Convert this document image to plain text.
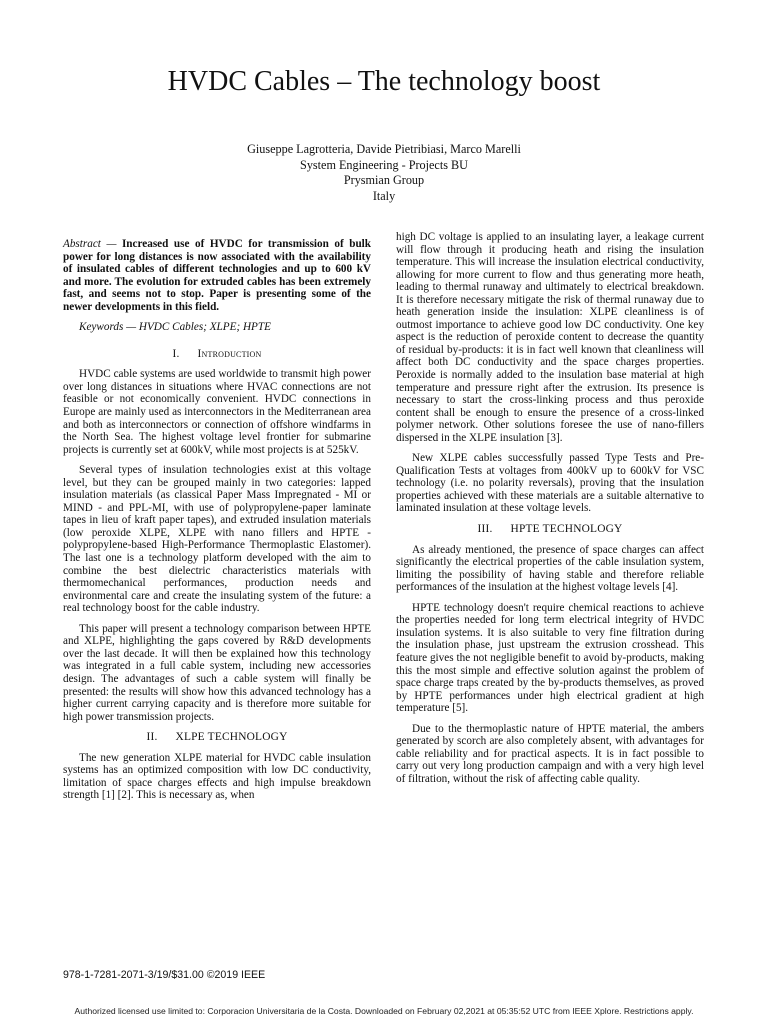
HVDC Cables – The technology boost
Giuseppe Lagrotteria, Davide Pietribiasi, Marco Marelli
System Engineering - Projects BU
Prysmian Group
Italy

Abstract — Increased use of HVDC for transmission of bulk power for long distances is now associated with the availability of insulated cables of different technologies and up to 600 kV and more. The evolution for extruded cables has been extremely fast, and seems not to stop. Paper is presenting some of the newer developments in this field.

Keywords — HVDC Cables; XLPE; HPTE

I. Introduction

HVDC cable systems are used worldwide to transmit high power over long distances in situations where HVAC connections are not feasible or not economically convenient. HVDC connections in Europe are mainly used as interconnectors in the Mediterranean area and both as interconnectors or connection of offshore windfarms in the North Sea. The highest voltage level frontier for submarine projects is currently set at 600kV, while most projects is at 525kV.

Several types of insulation technologies exist at this voltage level, but they can be grouped mainly in two categories: lapped insulation materials (as classical Paper Mass Impregnated - MI or MIND - and PPL-MI, with use of polypropylene-paper laminate tapes in lieu of kraft paper tapes), and extruded insulation materials (low peroxide XLPE, XLPE with nano fillers and HPTE - polypropylene-based High-Performance Thermoplastic Elastomer). The last one is a technology platform developed with the aim to combine the best dielectric characteristics materials with thermomechanical performances, production needs and environmental care and create the insulating system of the future: a real technology boost for the cable industry.

This paper will present a technology comparison between HPTE and XLPE, highlighting the gaps covered by R&D developments over the last decade. It will then be explained how this technology was integrated in a full cable system, including new accessories design. The advantages of such a cable system will finally be presented: the results will show how this advanced technology has a higher current carrying capacity and is therefore more suitable for high power transmission projects.

II. XLPE TECHNOLOGY

The new generation XLPE material for HVDC cable insulation systems has an optimized composition with low DC conductivity, limitation of space charges effects and high impulse breakdown strength [1] [2]. This is necessary as, when

high DC voltage is applied to an insulating layer, a leakage current will flow through it producing heath and rising the insulation temperature. This will increase the insulation electrical conductivity, allowing for more current to flow and thus generating more heath, leading to thermal runaway and ultimately to electrical breakdown. It is therefore necessary mitigate the risk of thermal runaway due to heath generation inside the insulation: XLPE cleanliness is of outmost importance to achieve good low DC conductivity. One key aspect is the reduction of peroxide content to decrease the quantity of residual by-products: it is in fact well known that cleanliness will affect both DC conductivity and the space charges properties. Peroxide is normally added to the insulation base material at high temperature and pressure right after the extrusion. Its presence is necessary to start the cross-linking process and thus peroxide content shall be enough to ensure the presence of a cross-linked polymer network. Other solutions foresee the use of nano-fillers dispersed in the XLPE insulation [3].

New XLPE cables successfully passed Type Tests and Pre-Qualification Tests at voltages from 400kV up to 600kV for VSC technology (i.e. no polarity reversals), proving that the insulation properties achieved with these materials are a suitable alternative to laminated insulation at these voltage levels.

III. HPTE TECHNOLOGY

As already mentioned, the presence of space charges can affect significantly the electrical properties of the cable insulation system, limiting the possibility of having stable and therefore reliable performances of the insulation at the highest voltage levels [4].

HPTE technology doesn't require chemical reactions to achieve the properties needed for long term electrical integrity of HVDC insulation systems. It is also suitable to very fine filtration during the insulation phase, just upstream the extrusion crosshead. This feature gives the not negligible benefit to avoid by-products, making this the most simple and effective solution against the problem of space charge traps created by the by-products themselves, as proved by HPTE performances under high electrical gradient at high temperature [5].

Due to the thermoplastic nature of HPTE material, the ambers generated by scorch are also completely absent, with advantages for cable reliability and for practical aspects. It is in fact possible to carry out very long production campaign and with a very high level of filtration, without the risk of affecting cable quality.

978-1-7281-2071-3/19/$31.00 ©2019 IEEE
Authorized licensed use limited to: Corporacion Universitaria de la Costa. Downloaded on February 02,2021 at 05:35:52 UTC from IEEE Xplore. Restrictions apply.
